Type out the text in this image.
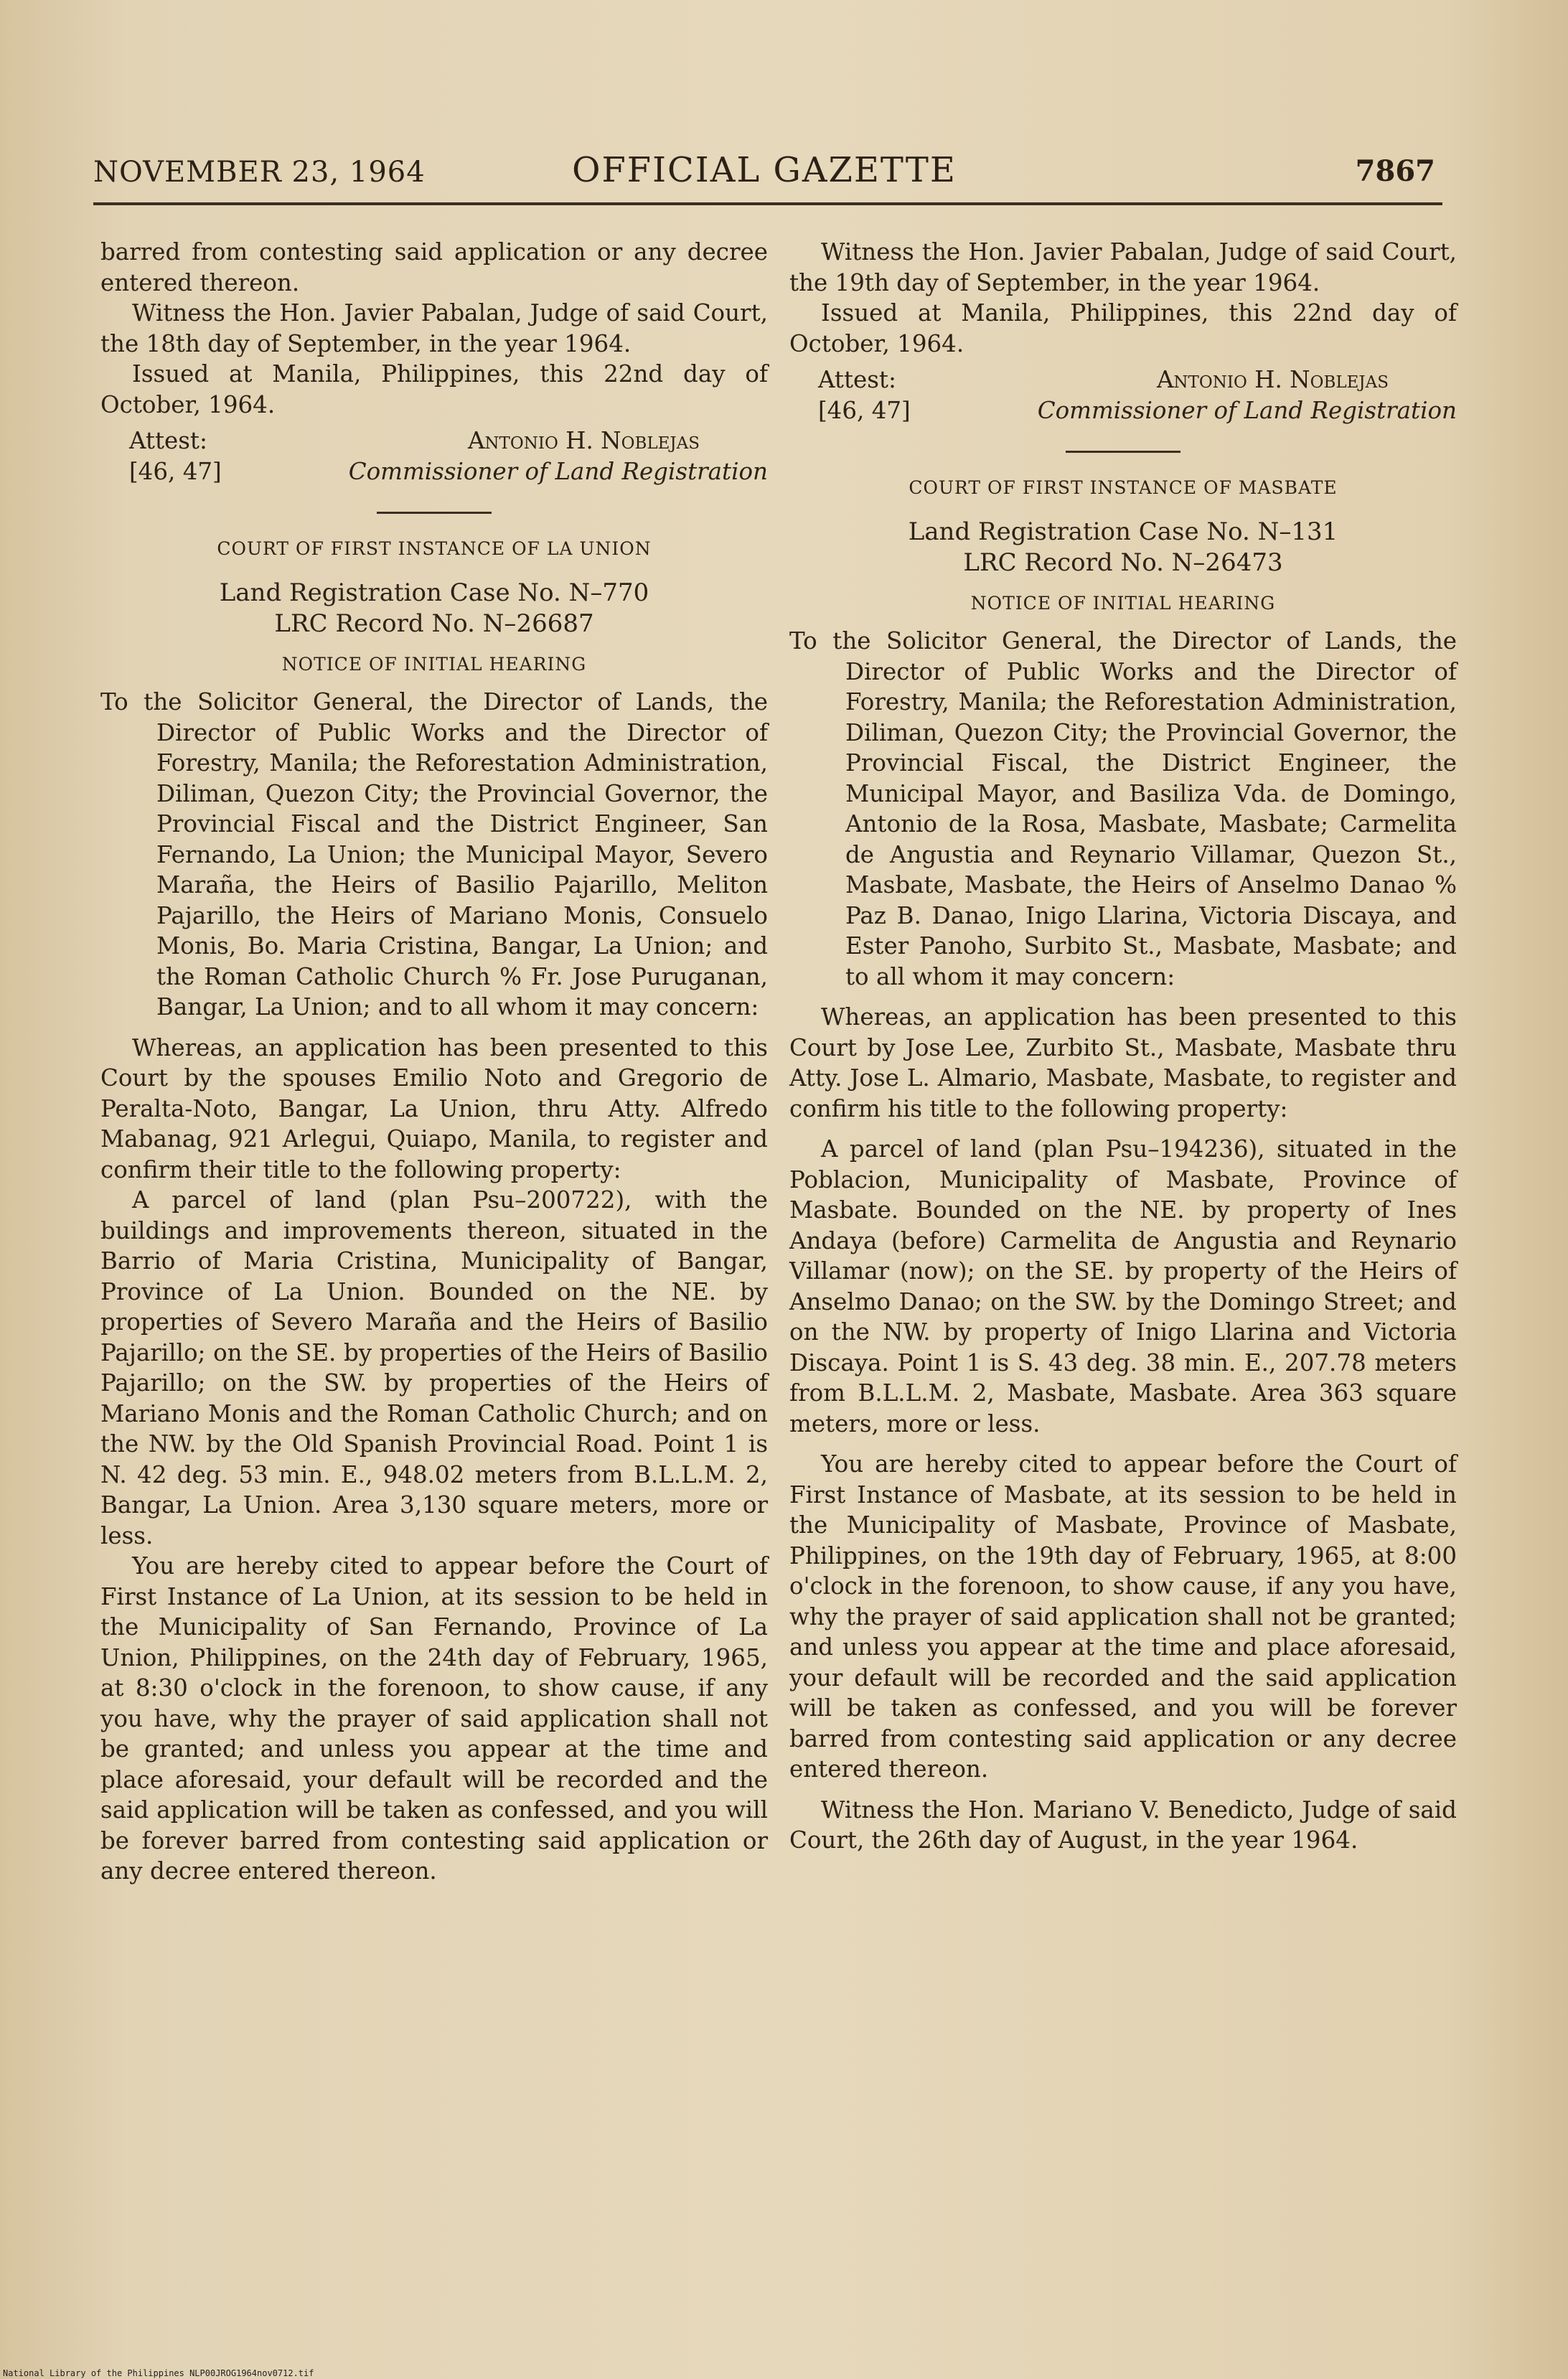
NOVEMBER 23, 1964	OFFICIAL GAZETTE	7867

barred from contesting said application or any decree entered thereon.

Witness the Hon. Javier Pabalan, Judge of said Court, the 18th day of September, in the year 1964.

Issued at Manila, Philippines, this 22nd day of October, 1964.

Attest:	Antonio H. Noblejas
[46, 47]	Commissioner of Land Registration
COURT OF FIRST INSTANCE OF LA UNION
Land Registration Case No. N–770
LRC Record No. N–26687
NOTICE OF INITIAL HEARING

To the Solicitor General, the Director of Lands, the Director of Public Works and the Director of Forestry, Manila; the Reforestation Administration, Diliman, Quezon City; the Provincial Governor, the Provincial Fiscal and the District Engineer, San Fernando, La Union; the Municipal Mayor, Severo Maraña, the Heirs of Basilio Pajarillo, Meliton Pajarillo, the Heirs of Mariano Monis, Consuelo Monis, Bo. Maria Cristina, Bangar, La Union; and the Roman Catholic Church % Fr. Jose Puruganan, Bangar, La Union; and to all whom it may concern:

Whereas, an application has been presented to this Court by the spouses Emilio Noto and Gregorio de Peralta-Noto, Bangar, La Union, thru Atty. Alfredo Mabanag, 921 Arlegui, Quiapo, Manila, to register and confirm their title to the following property:

A parcel of land (plan Psu–200722), with the buildings and improvements thereon, situated in the Barrio of Maria Cristina, Municipality of Bangar, Province of La Union. Bounded on the NE. by properties of Severo Maraña and the Heirs of Basilio Pajarillo; on the SE. by properties of the Heirs of Basilio Pajarillo; on the SW. by properties of the Heirs of Mariano Monis and the Roman Catholic Church; and on the NW. by the Old Spanish Provincial Road. Point 1 is N. 42 deg. 53 min. E., 948.02 meters from B.L.L.M. 2, Bangar, La Union. Area 3,130 square meters, more or less.

You are hereby cited to appear before the Court of First Instance of La Union, at its session to be held in the Municipality of San Fernando, Province of La Union, Philippines, on the 24th day of February, 1965, at 8:30 o'clock in the forenoon, to show cause, if any you have, why the prayer of said application shall not be granted; and unless you appear at the time and place aforesaid, your default will be recorded and the said application will be taken as confessed, and you will be forever barred from contesting said application or any decree entered thereon.

Witness the Hon. Javier Pabalan, Judge of said Court, the 19th day of September, in the year 1964.

Issued at Manila, Philippines, this 22nd day of October, 1964.

Attest:	Antonio H. Noblejas
[46, 47]	Commissioner of Land Registration
COURT OF FIRST INSTANCE OF MASBATE
Land Registration Case No. N–131
LRC Record No. N–26473
NOTICE OF INITIAL HEARING

To the Solicitor General, the Director of Lands, the Director of Public Works and the Director of Forestry, Manila; the Reforestation Administration, Diliman, Quezon City; the Provincial Governor, the Provincial Fiscal, the District Engineer, the Municipal Mayor, and Basiliza Vda. de Domingo, Antonio de la Rosa, Masbate, Masbate; Carmelita de Angustia and Reynario Villamar, Quezon St., Masbate, Masbate, the Heirs of Anselmo Danao % Paz B. Danao, Inigo Llarina, Victoria Discaya, and Ester Panoho, Surbito St., Masbate, Masbate; and to all whom it may concern:

Whereas, an application has been presented to this Court by Jose Lee, Zurbito St., Masbate, Masbate thru Atty. Jose L. Almario, Masbate, Masbate, to register and confirm his title to the following property:

A parcel of land (plan Psu–194236), situated in the Poblacion, Municipality of Masbate, Province of Masbate. Bounded on the NE. by property of Ines Andaya (before) Carmelita de Angustia and Reynario Villamar (now); on the SE. by property of the Heirs of Anselmo Danao; on the SW. by the Domingo Street; and on the NW. by property of Inigo Llarina and Victoria Discaya. Point 1 is S. 43 deg. 38 min. E., 207.78 meters from B.L.L.M. 2, Masbate, Masbate. Area 363 square meters, more or less.

You are hereby cited to appear before the Court of First Instance of Masbate, at its session to be held in the Municipality of Masbate, Province of Masbate, Philippines, on the 19th day of February, 1965, at 8:00 o'clock in the forenoon, to show cause, if any you have, why the prayer of said application shall not be granted; and unless you appear at the time and place aforesaid, your default will be recorded and the said application will be taken as confessed, and you will be forever barred from contesting said application or any decree entered thereon.

Witness the Hon. Mariano V. Benedicto, Judge of said Court, the 26th day of August, in the year 1964.

National Library of the Philippines NLP00JROG1964nov0712.tif
